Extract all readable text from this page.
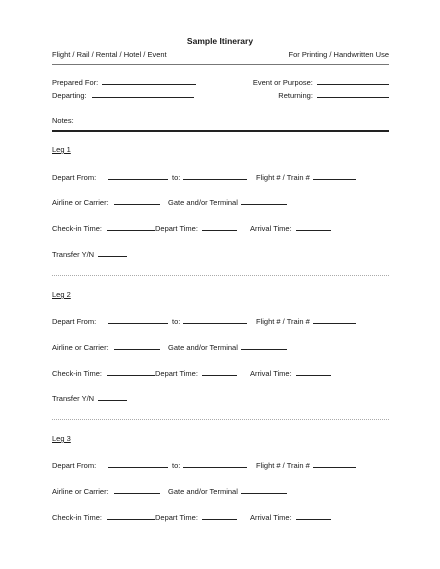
Sample Itinerary
Flight / Rail / Rental / Hotel / Event	For Printing / Handwritten Use
Prepared For:	Event or Purpose:
Departing:	Returning:
Notes:
Leg 1
Depart From:	to:	Flight # / Train #
Airline or Carrier:	Gate and/or Terminal
Check-in Time:	Depart Time:	Arrival Time:
Transfer Y/N
Leg 2
Depart From:	to:	Flight # / Train #
Airline or Carrier:	Gate and/or Terminal
Check-in Time:	Depart Time:	Arrival Time:
Transfer Y/N
Leg 3
Depart From:	to:	Flight # / Train #
Airline or Carrier:	Gate and/or Terminal
Check-in Time:	Depart Time:	Arrival Time:
